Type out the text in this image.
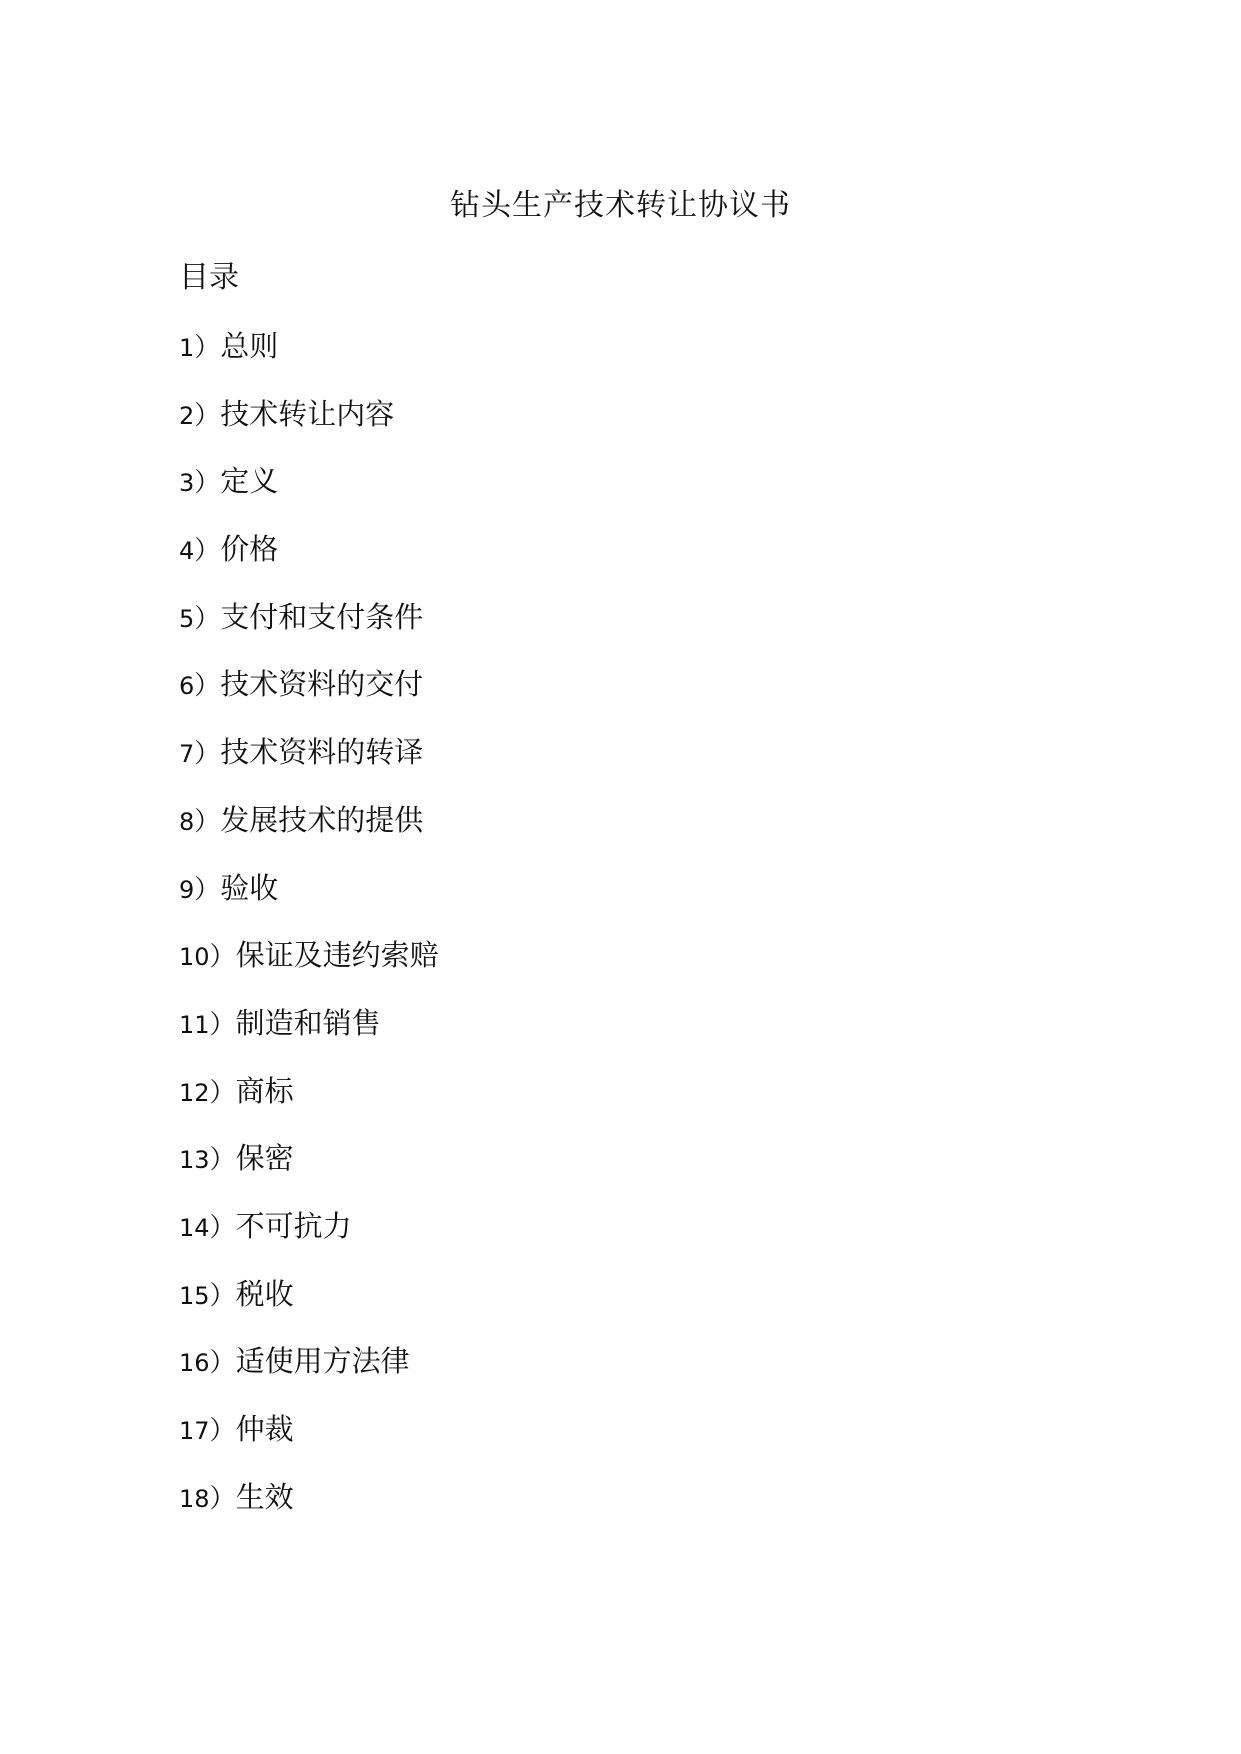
钻头生产技术转让协议书
目录
1）总则
2）技术转让内容
3）定义
4）价格
5）支付和支付条件
6）技术资料的交付
7）技术资料的转译
8）发展技术的提供
9）验收
10）保证及违约索赔
11）制造和销售
12）商标
13）保密
14）不可抗力
15）税收
16）适使用方法律
17）仲裁
18）生效
